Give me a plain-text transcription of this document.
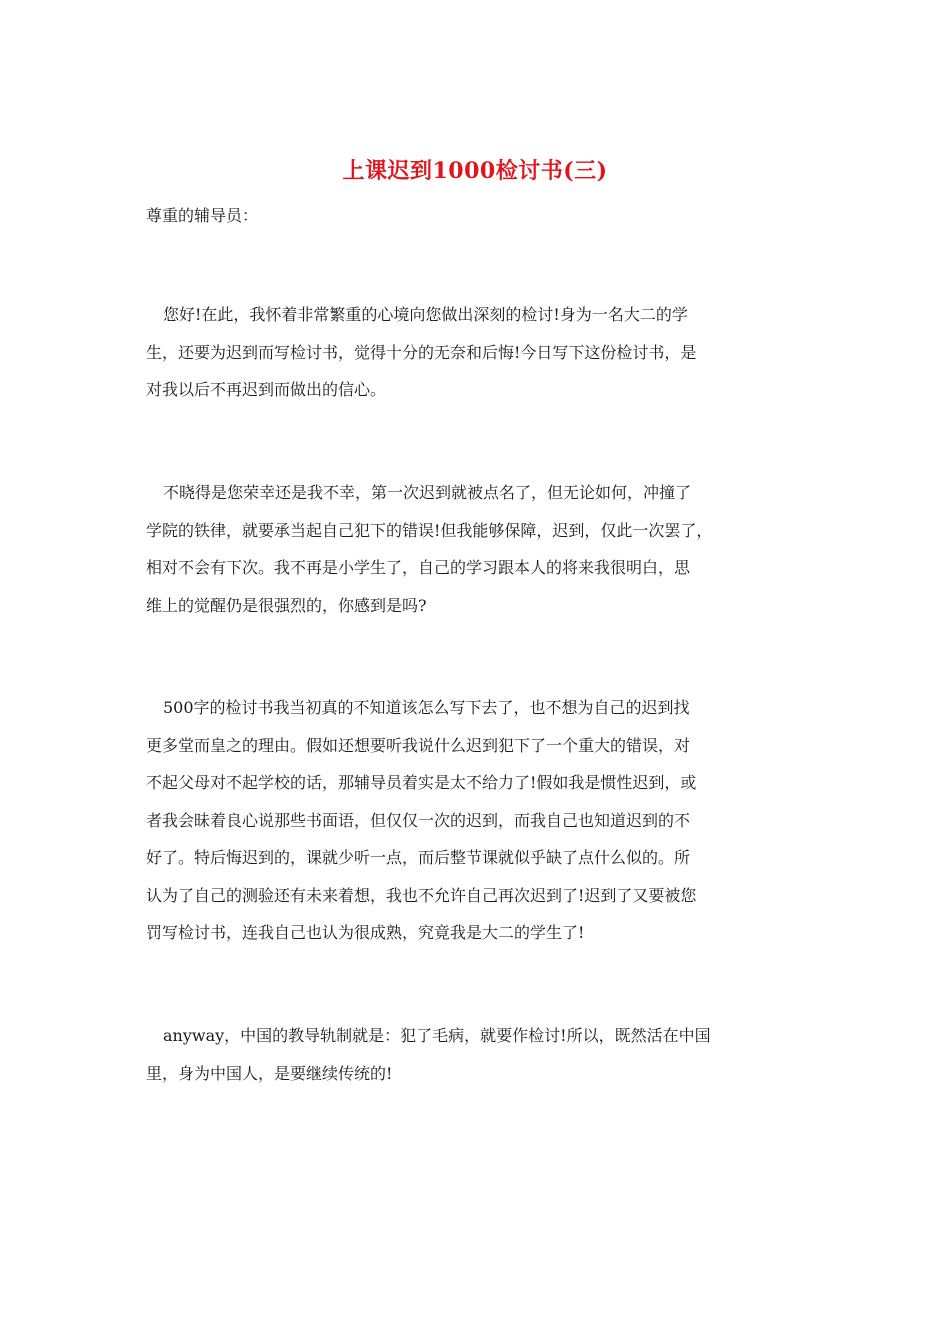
上课迟到1000检讨书(三)
尊重的辅导员：
您好!在此，我怀着非常繁重的心境向您做出深刻的检讨!身为一名大二的学
生，还要为迟到而写检讨书，觉得十分的无奈和后悔!今日写下这份检讨书，是
对我以后不再迟到而做出的信心。
不晓得是您荣幸还是我不幸，第一次迟到就被点名了，但无论如何，冲撞了
学院的铁律，就要承当起自己犯下的错误!但我能够保障，迟到，仅此一次罢了，
相对不会有下次。我不再是小学生了，自己的学习跟本人的将来我很明白，思
维上的觉醒仍是很强烈的，你感到是吗?
500字的检讨书我当初真的不知道该怎么写下去了，也不想为自己的迟到找
更多堂而皇之的理由。假如还想要听我说什么迟到犯下了一个重大的错误，对
不起父母对不起学校的话，那辅导员着实是太不给力了!假如我是惯性迟到，或
者我会昧着良心说那些书面语，但仅仅一次的迟到，而我自己也知道迟到的不
好了。特后悔迟到的，课就少听一点，而后整节课就似乎缺了点什么似的。所
认为了自己的测验还有未来着想，我也不允许自己再次迟到了!迟到了又要被您
罚写检讨书，连我自己也认为很成熟，究竟我是大二的学生了!
anyway，中国的教导轨制就是：犯了毛病，就要作检讨!所以，既然活在中国
里，身为中国人，是要继续传统的!
